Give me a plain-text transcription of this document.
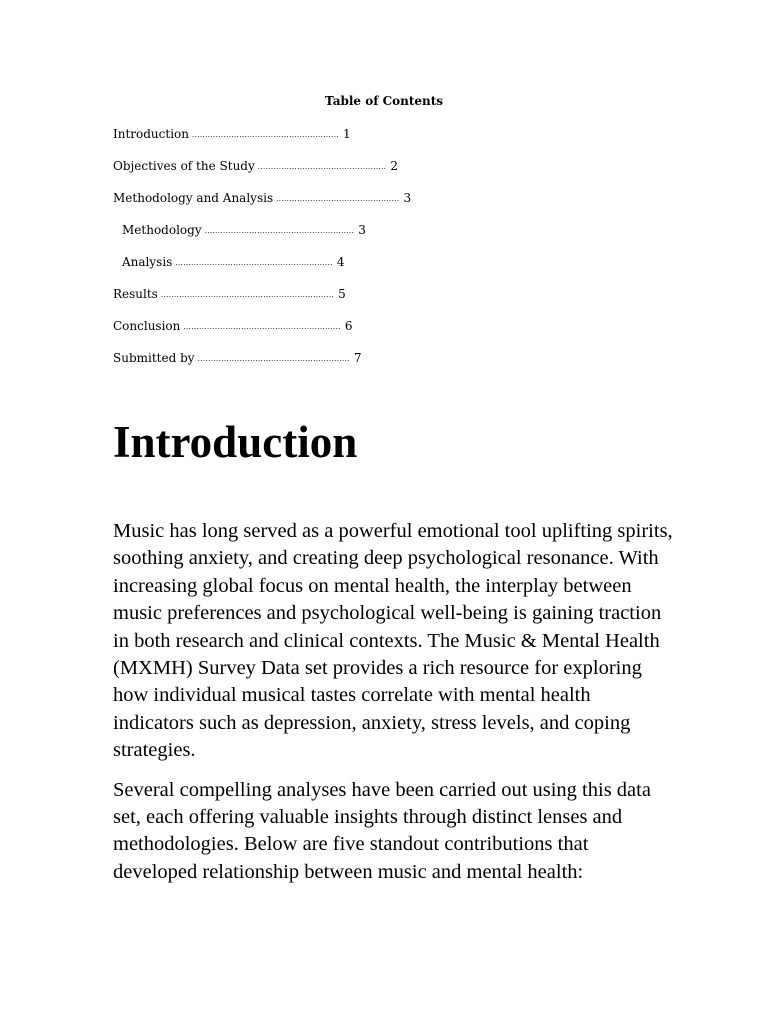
Table of Contents
Introduction ........................................................ 1
Objectives of the Study ................................................. 2
Methodology and Analysis ............................................... 3
Methodology ......................................................... 3
Analysis ............................................................ 4
Results .................................................................. 5
Conclusion ............................................................ 6
Submitted by .......................................................... 7
Introduction

Music has long served as a powerful emotional tool uplifting spirits, soothing anxiety, and creating deep psychological resonance. With increasing global focus on mental health, the interplay between music preferences and psychological well-being is gaining traction in both research and clinical contexts. The Music & Mental Health (MXMH) Survey Data set provides a rich resource for exploring how individual musical tastes correlate with mental health indicators such as depression, anxiety, stress levels, and coping strategies.

Several compelling analyses have been carried out using this data set, each offering valuable insights through distinct lenses and methodologies. Below are five standout contributions that developed relationship between music and mental health:
